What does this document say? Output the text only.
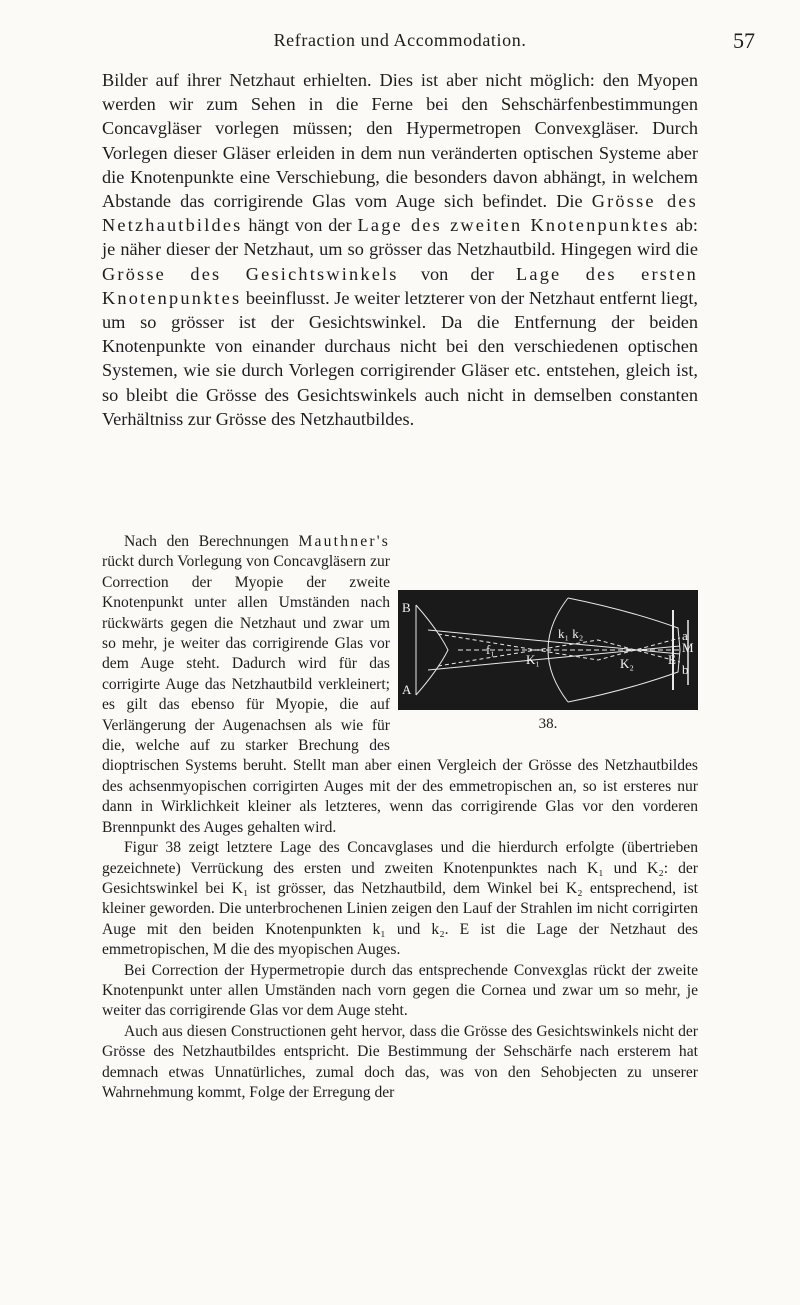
Refraction und Accommodation.	57

Bilder auf ihrer Netzhaut erhielten. Dies ist aber nicht möglich: den Myopen werden wir zum Sehen in die Ferne bei den Sehschärfenbestimmungen Concavgläser vorlegen müssen; den Hypermetropen Convexgläser. Durch Vorlegen dieser Gläser erleiden in dem nun veränderten optischen Systeme aber die Knotenpunkte eine Verschiebung, die besonders davon abhängt, in welchem Abstande das corrigirende Glas vom Auge sich befindet. Die Grösse des Netzhautbildes hängt von der Lage des zweiten Knotenpunktes ab: je näher dieser der Netzhaut, um so grösser das Netzhautbild. Hingegen wird die Grösse des Gesichtswinkels von der Lage des ersten Knotenpunktes beeinflusst. Je weiter letzterer von der Netzhaut entfernt liegt, um so grösser ist der Gesichtswinkel. Da die Entfernung der beiden Knotenpunkte von einander durchaus nicht bei den verschiedenen optischen Systemen, wie sie durch Vorlegen corrigirender Gläser etc. entstehen, gleich ist, so bleibt die Grösse des Gesichtswinkels auch nicht in demselben constanten Verhältniss zur Grösse des Netzhautbildes.

B
A
f₁
K₁
k₁ k₂
K₂
a
M
E
b
38.

Nach den Berechnungen Mauthner's rückt durch Vorlegung von Concavgläsern zur Correction der Myopie der zweite Knotenpunkt unter allen Umständen nach rückwärts gegen die Netzhaut und zwar um so mehr, je weiter das corrigirende Glas vor dem Auge steht. Dadurch wird für das corrigirte Auge das Netzhautbild verkleinert; es gilt das ebenso für Myopie, die auf Verlängerung der Augenachsen als wie für die, welche auf zu starker Brechung des dioptrischen Systems beruht. Stellt man aber einen Vergleich der Grösse des Netzhautbildes des achsenmyopischen corrigirten Auges mit der des emmetropischen an, so ist ersteres nur dann in Wirklichkeit kleiner als letzteres, wenn das corrigirende Glas vor den vorderen Brennpunkt des Auges gehalten wird.

Figur 38 zeigt letztere Lage des Concavglases und die hierdurch erfolgte (übertrieben gezeichnete) Verrückung des ersten und zweiten Knotenpunktes nach K₁ und K₂: der Gesichtswinkel bei K₁ ist grösser, das Netzhautbild, dem Winkel bei K₂ entsprechend, ist kleiner geworden. Die unterbrochenen Linien zeigen den Lauf der Strahlen im nicht corrigirten Auge mit den beiden Knotenpunkten k₁ und k₂. E ist die Lage der Netzhaut des emmetropischen, M die des myopischen Auges.

Bei Correction der Hypermetropie durch das entsprechende Convexglas rückt der zweite Knotenpunkt unter allen Umständen nach vorn gegen die Cornea und zwar um so mehr, je weiter das corrigirende Glas vor dem Auge steht.

Auch aus diesen Constructionen geht hervor, dass die Grösse des Gesichtswinkels nicht der Grösse des Netzhautbildes entspricht. Die Bestimmung der Sehschärfe nach ersterem hat demnach etwas Unnatürliches, zumal doch das, was von den Sehobjecten zu unserer Wahrnehmung kommt, Folge der Erregung der
